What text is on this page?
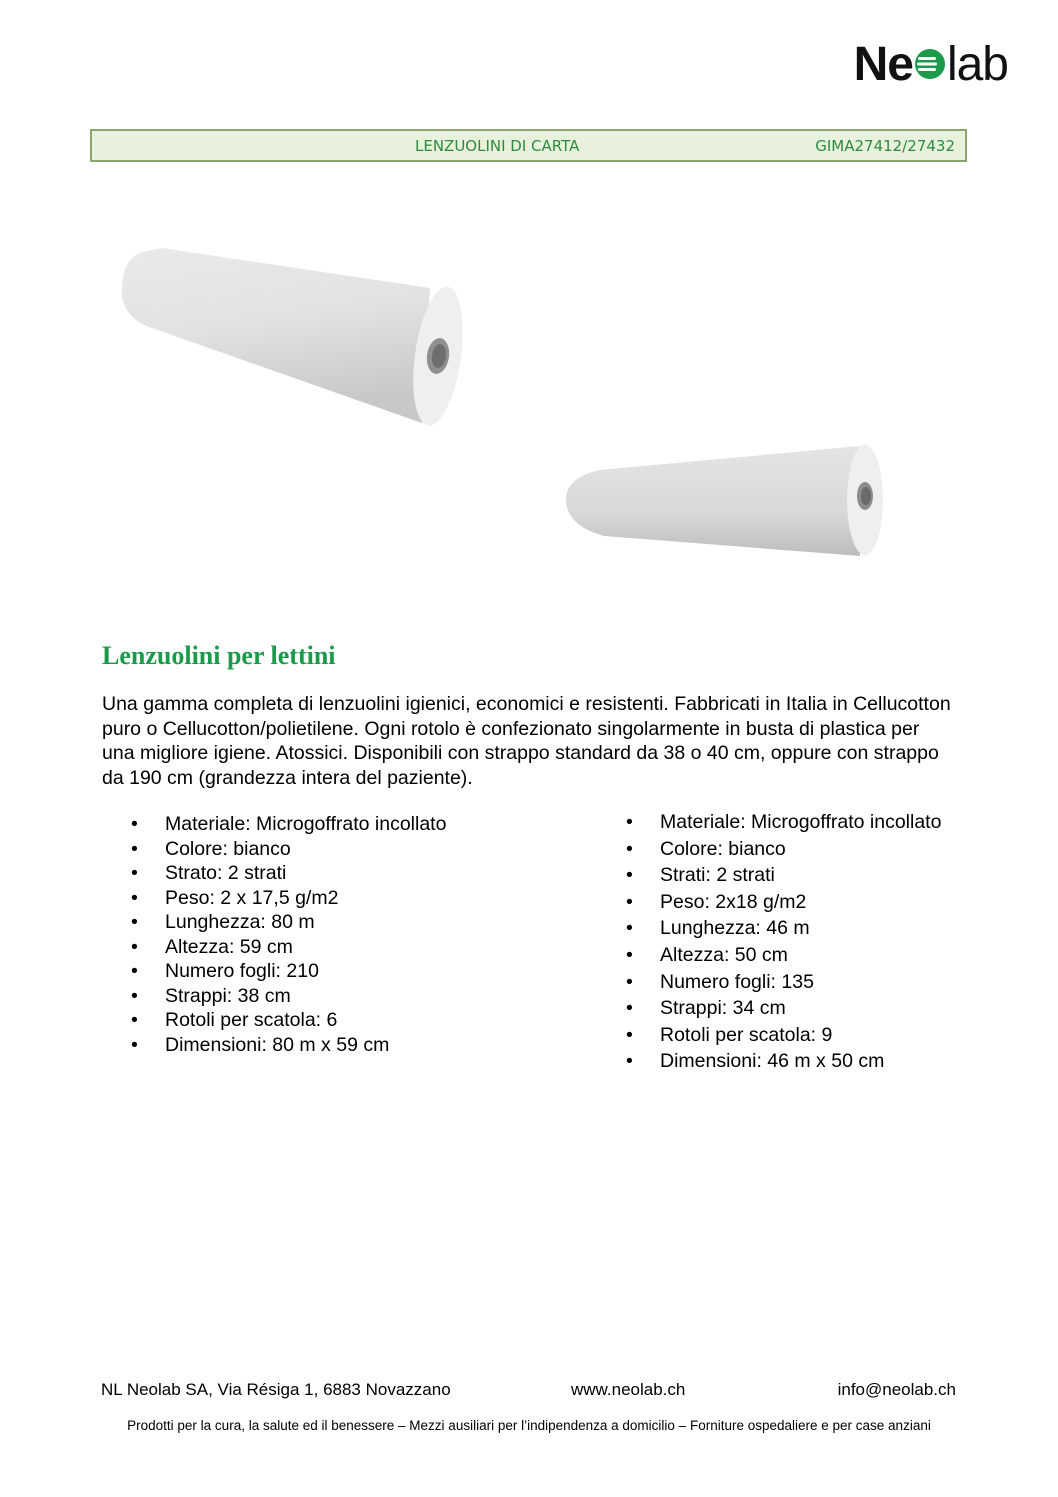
Ne lab
LENZUOLINI DI CARTA	GIMA27412/27432
Lenzuolini per lettini

Una gamma completa di lenzuolini igienici, economici e resistenti. Fabbricati in Italia in Cellucotton puro o Cellucotton/polietilene. Ogni rotolo è confezionato singolarmente in busta di plastica per una migliore igiene. Atossici. Disponibili con strappo standard da 38 o 40 cm, oppure con strappo da 190 cm (grandezza intera del paziente).

• Materiale: Microgoffrato incollato
• Colore: bianco
• Strato: 2 strati
• Peso: 2 x 17,5 g/m2
• Lunghezza: 80 m
• Altezza: 59 cm
• Numero fogli: 210
• Strappi: 38 cm
• Rotoli per scatola: 6
• Dimensioni: 80 m x 59 cm
• Materiale: Microgoffrato incollato
• Colore: bianco
• Strati: 2 strati
• Peso: 2x18 g/m2
• Lunghezza: 46 m
• Altezza: 50 cm
• Numero fogli: 135
• Strappi: 34 cm
• Rotoli per scatola: 9
• Dimensioni: 46 m x 50 cm
NL Neolab SA, Via Résiga 1, 6883 Novazzano	www.neolab.ch	info@neolab.ch
Prodotti per la cura, la salute ed il benessere – Mezzi ausiliari per l’indipendenza a domicilio – Forniture ospedaliere e per case anziani
